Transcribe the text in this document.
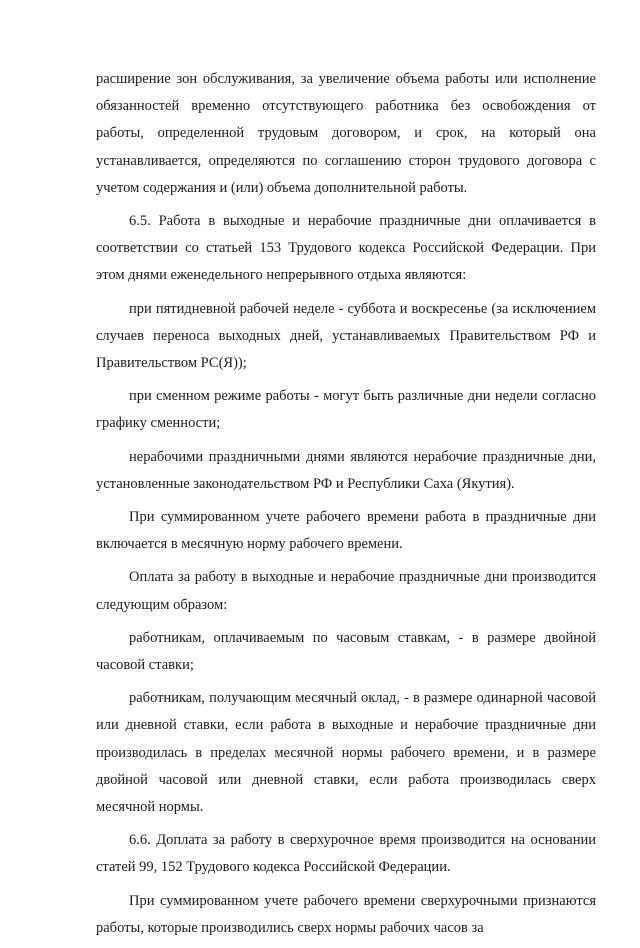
расширение зон обслуживания, за увеличение объема работы или исполнение обязанностей временно отсутствующего работника без освобождения от работы, определенной трудовым договором, и срок, на который она устанавливается, определяются по соглашению сторон трудового договора с учетом содержания и (или) объема дополнительной работы.

6.5. Работа в выходные и нерабочие праздничные дни оплачивается в соответствии со статьей 153 Трудового кодекса Российской Федерации. При этом днями еженедельного непрерывного отдыха являются:

при пятидневной рабочей неделе - суббота и воскресенье (за исключением случаев переноса выходных дней, устанавливаемых Правительством РФ и Правительством РС(Я));

при сменном режиме работы - могут быть различные дни недели согласно графику сменности;

нерабочими праздничными днями являются нерабочие праздничные дни, установленные законодательством РФ и Республики Саха (Якутия).

При суммированном учете рабочего времени работа в праздничные дни включается в месячную норму рабочего времени.

Оплата за работу в выходные и нерабочие праздничные дни производится следующим образом:

работникам, оплачиваемым по часовым ставкам, - в размере двойной часовой ставки;

работникам, получающим месячный оклад, - в размере одинарной часовой или дневной ставки, если работа в выходные и нерабочие праздничные дни производилась в пределах месячной нормы рабочего времени, и в размере двойной часовой или дневной ставки, если работа производилась сверх месячной нормы.

6.6. Доплата за работу в сверхурочное время производится на основании статей 99, 152 Трудового кодекса Российской Федерации.

При суммированном учете рабочего времени сверхурочными признаются работы, которые производились сверх нормы рабочих часов за
